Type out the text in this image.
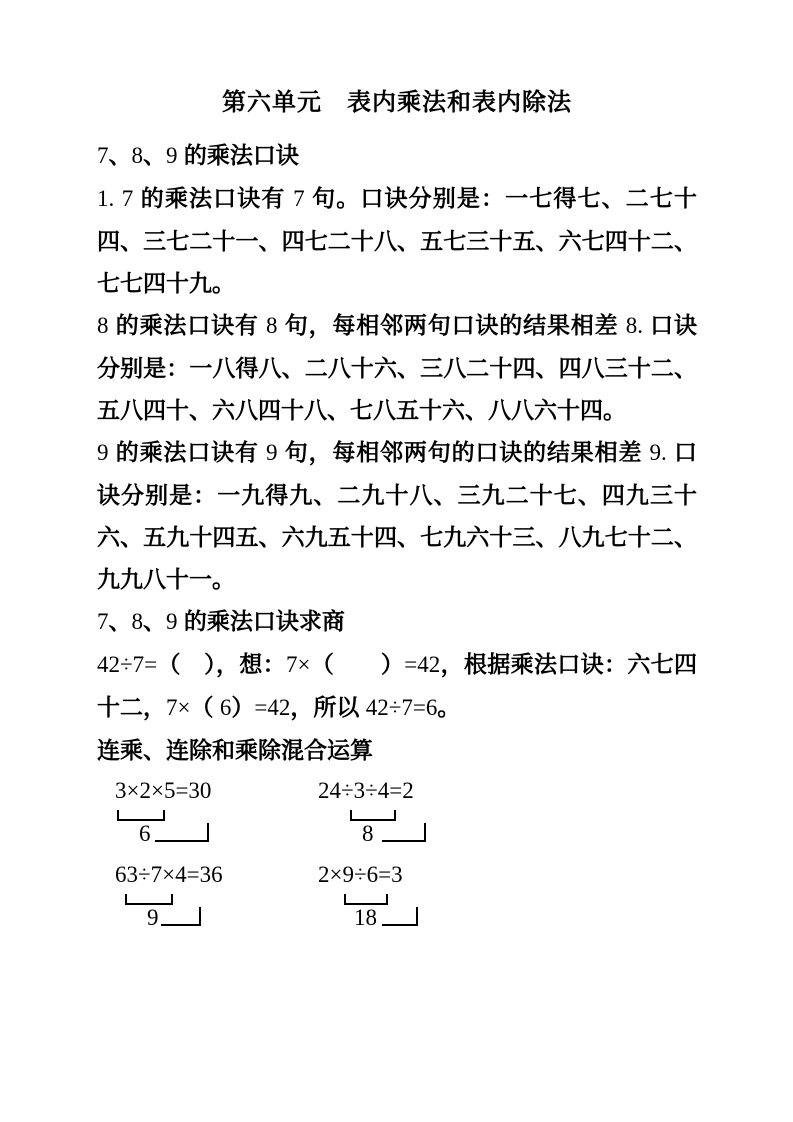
第六单元　表内乘法和表内除法
7、8、9 的乘法口诀

1. 7 的乘法口诀有 7 句。口诀分别是：一七得七、二七十四、三七二十一、四七二十八、五七三十五、六七四十二、七七四十九。

8 的乘法口诀有 8 句，每相邻两句口诀的结果相差 8. 口诀分别是：一八得八、二八十六、三八二十四、四八三十二、五八四十、六八四十八、七八五十六、八八六十四。

9 的乘法口诀有 9 句，每相邻两句的口诀的结果相差 9. 口诀分别是：一九得九、二九十八、三九二十七、四九三十六、五九十四五、六九五十四、七九六十三、八九七十二、九九八十一。

7、8、9 的乘法口诀求商

42÷7=（　），想：7×（　　）=42，根据乘法口诀：六七四十二，7×（ 6）=42，所以 42÷7=6。

连乘、连除和乘除混合运算
3×2×5=30
6
24÷3÷4=2
8
63÷7×4=36
9
2×9÷6=3
18
